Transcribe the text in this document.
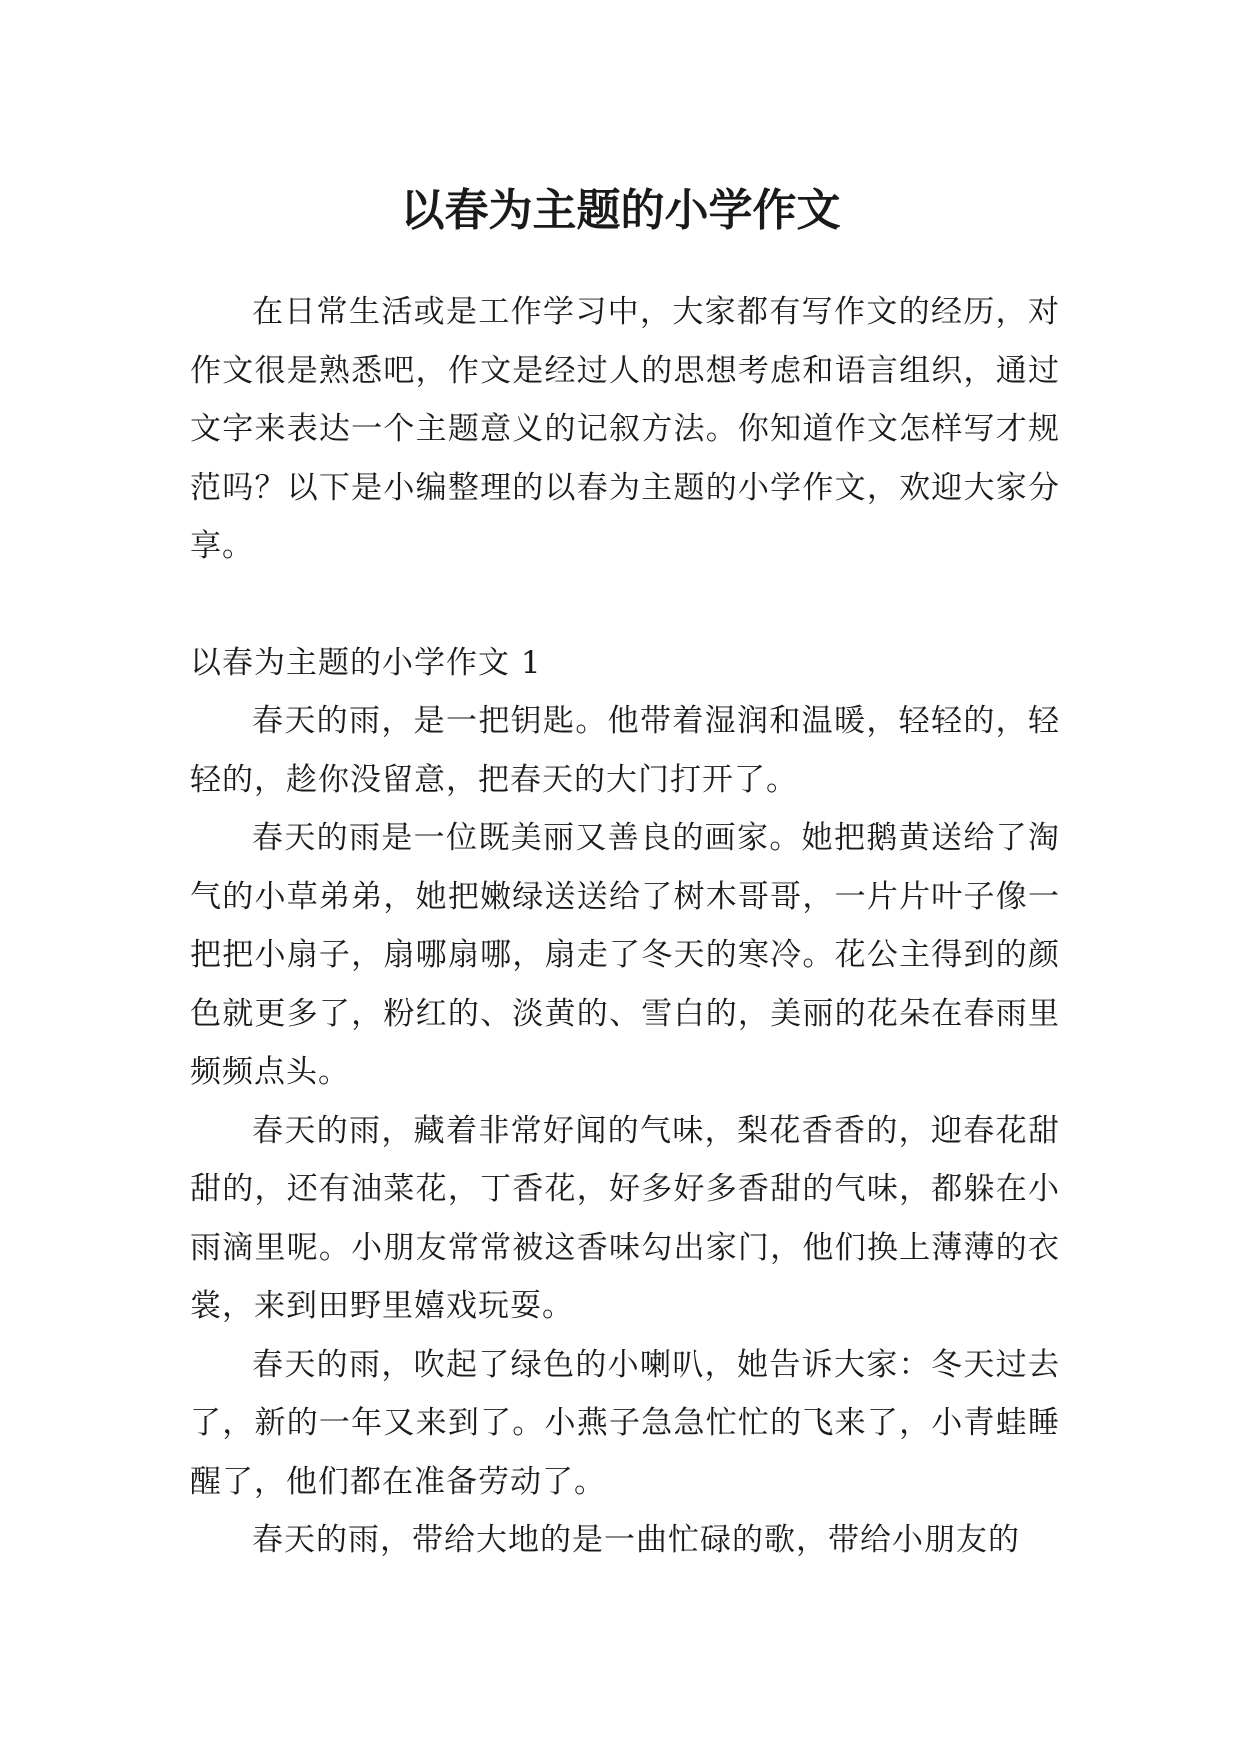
以春为主题的小学作文

在日常生活或是工作学习中，大家都有写作文的经历，对作文很是熟悉吧，作文是经过人的思想考虑和语言组织，通过文字来表达一个主题意义的记叙方法。你知道作文怎样写才规范吗？以下是小编整理的以春为主题的小学作文，欢迎大家分享。

以春为主题的小学作文 1

春天的雨，是一把钥匙。他带着湿润和温暖，轻轻的，轻轻的，趁你没留意，把春天的大门打开了。

春天的雨是一位既美丽又善良的画家。她把鹅黄送给了淘气的小草弟弟，她把嫩绿送送给了树木哥哥，一片片叶子像一把把小扇子，扇哪扇哪，扇走了冬天的寒冷。花公主得到的颜色就更多了，粉红的、淡黄的、雪白的，美丽的花朵在春雨里频频点头。

春天的雨，藏着非常好闻的气味，梨花香香的，迎春花甜甜的，还有油菜花，丁香花，好多好多香甜的气味，都躲在小雨滴里呢。小朋友常常被这香味勾出家门，他们换上薄薄的衣裳，来到田野里嬉戏玩耍。

春天的雨，吹起了绿色的小喇叭，她告诉大家：冬天过去了，新的一年又来到了。小燕子急急忙忙的飞来了，小青蛙睡醒了，他们都在准备劳动了。

春天的雨，带给大地的是一曲忙碌的歌，带给小朋友的
